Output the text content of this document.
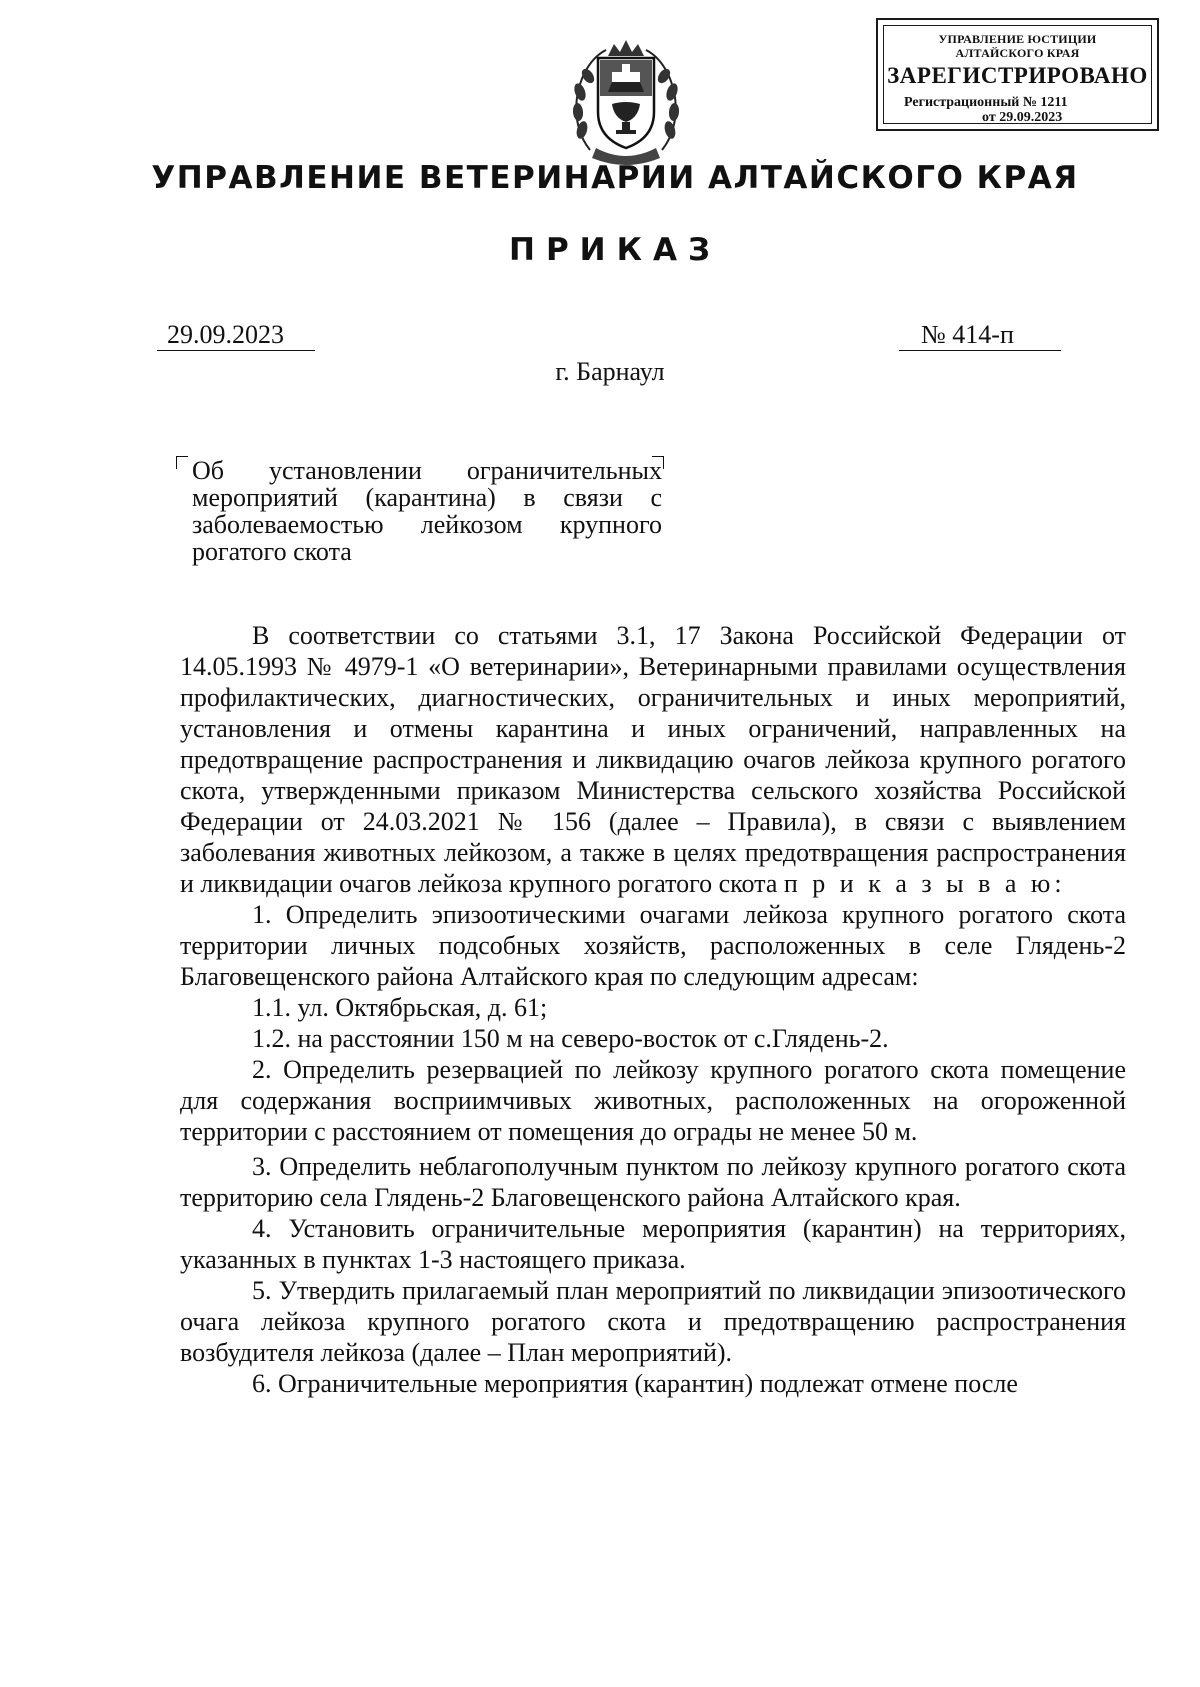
УПРАВЛЕНИЕ ЮСТИЦИИ
АЛТАЙСКОГО КРАЯ
ЗАРЕГИСТРИРОВАНО
Регистрационный № 1211
от 29.09.2023
УПРАВЛЕНИЕ ВЕТЕРИНАРИИ АЛТАЙСКОГО КРАЯ
ПРИКАЗ
29.09.2023	№ 414-п
г. Барнаул

Об установлении ограничительных мероприятий (карантина) в связи с заболеваемостью лейкозом крупного рогатого скота

В соответствии со статьями 3.1, 17 Закона Российской Федерации от 14.05.1993 № 4979-1 «О ветеринарии», Ветеринарными правилами осуществления профилактических, диагностических, ограничительных и иных мероприятий, установления и отмены карантина и иных ограничений, направленных на предотвращение распространения и ликвидацию очагов лейкоза крупного рогатого скота, утвержденными приказом Министерства сельского хозяйства Российской Федерации от 24.03.2021 № 156 (далее – Правила), в связи с выявлением заболевания животных лейкозом, а также в целях предотвращения распространения и ликвидации очагов лейкоза крупного рогатого скота п р и к а з ы в а ю:

1. Определить эпизоотическими очагами лейкоза крупного рогатого скота территории личных подсобных хозяйств, расположенных в селе Глядень-2 Благовещенского района Алтайского края по следующим адресам:

1.1. ул. Октябрьская, д. 61;

1.2. на расстоянии 150 м на северо-восток от с.Глядень-2.

2. Определить резервацией по лейкозу крупного рогатого скота помещение для содержания восприимчивых животных, расположенных на огороженной территории с расстоянием от помещения до ограды не менее 50 м.

3. Определить неблагополучным пунктом по лейкозу крупного рогатого скота территорию села Глядень-2 Благовещенского района Алтайского края.

4. Установить ограничительные мероприятия (карантин) на территориях, указанных в пунктах 1-3 настоящего приказа.

5. Утвердить прилагаемый план мероприятий по ликвидации эпизоотического очага лейкоза крупного рогатого скота и предотвращению распространения возбудителя лейкоза (далее – План мероприятий).

6. Ограничительные мероприятия (карантин) подлежат отмене после
